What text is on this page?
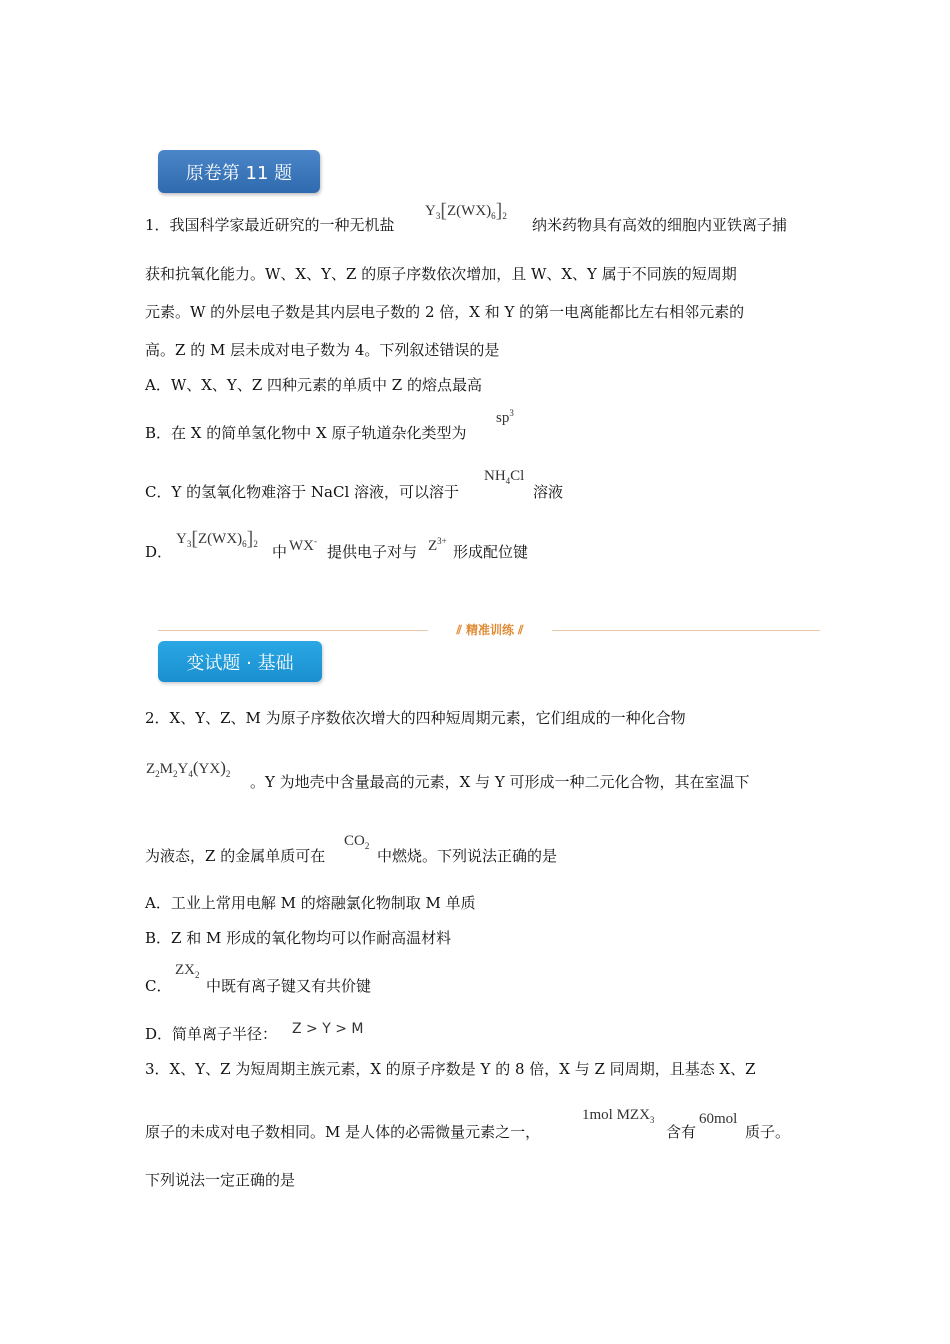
原卷第 11 题
1．我国科学家最近研究的一种无机盐
$Y_3[Z(WX)_6]_2$ 纳米药物具有高效的细胞内亚铁离子捕
获和抗氧化能力。W、X、Y、Z 的原子序数依次增加，且 W、X、Y 属于不同族的短周期
元素。W 的外层电子数是其内层电子数的 2 倍，X 和 Y 的第一电离能都比左右相邻元素的
高。Z 的 M 层未成对电子数为 4。下列叙述错误的是
A．W、X、Y、Z 四种元素的单质中 Z 的熔点最高
B．在 X 的简单氢化物中 X 原子轨道杂化类型为
$sp^3$
C．Y 的氢氧化物难溶于 NaCl 溶液，可以溶于
$NH_4Cl$
溶液
D．
$Y_3[Z(WX)_6]_2$ 中 WX-
提供电子对与 $Z^{3+}$
形成配位键
⫽ 精准训练 ⫽
变试题 · 基础
2．X、Y、Z、M 为原子序数依次增大的四种短周期元素，它们组成的一种化合物
$Z_2M_2Y_4(YX)_2$ 。Y 为地壳中含量最高的元素，X 与 Y 可形成一种二元化合物，其在室温下
为液态，Z 的金属单质可在
$CO_2$
中燃烧。下列说法正确的是
A．工业上常用电解 M 的熔融氯化物制取 M 单质
B．Z 和 M 形成的氧化物均可以作耐高温材料
C．
$ZX_2$
中既有离子键又有共价键
D．简单离子半径： Z > Y > M
3．X、Y、Z 为短周期主族元素，X 的原子序数是 Y 的 8 倍，X 与 Z 同周期，且基态 X、Z
原子的未成对电子数相同。M 是人体的必需微量元素之一，
1mol $MZX_3$
含有
60mol
质子。
下列说法一定正确的是
